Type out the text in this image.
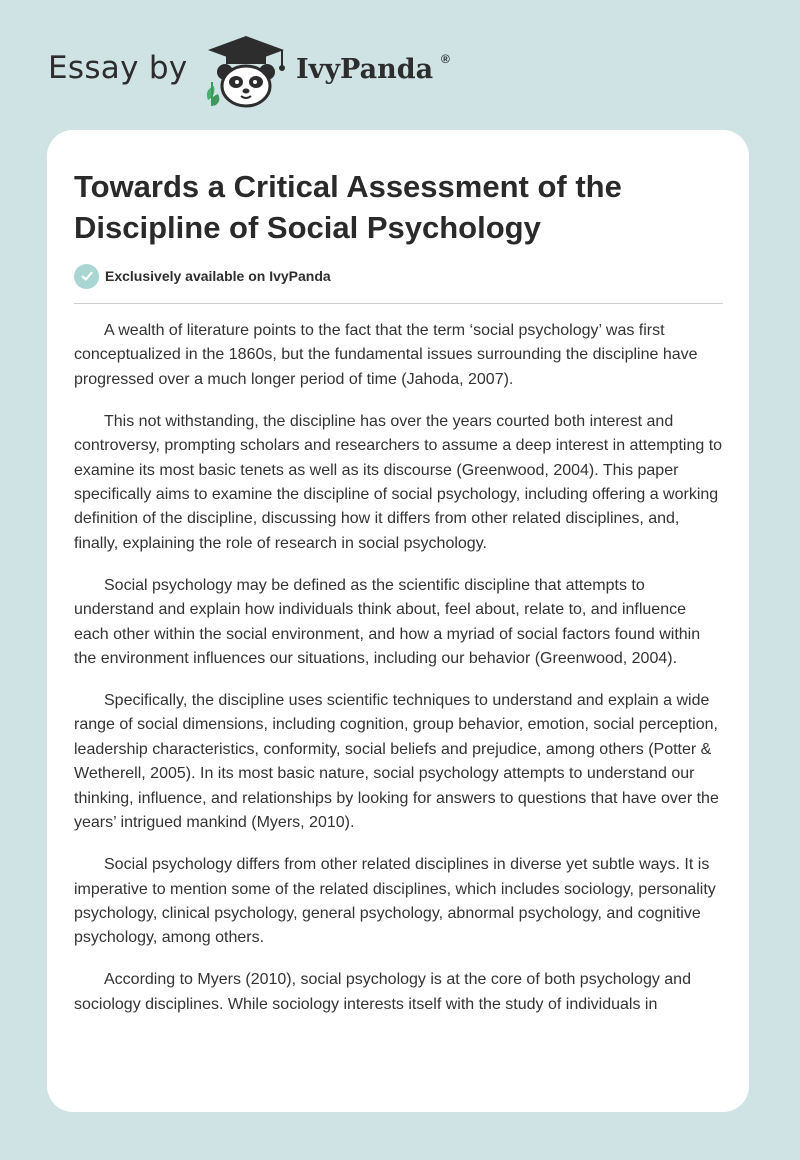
Essay by	IvyPanda ®
Towards a Critical Assessment of the Discipline of Social Psychology
Exclusively available on IvyPanda

A wealth of literature points to the fact that the term ‘social psychology’ was first conceptualized in the 1860s, but the fundamental issues surrounding the discipline have progressed over a much longer period of time (Jahoda, 2007).

This not withstanding, the discipline has over the years courted both interest and controversy, prompting scholars and researchers to assume a deep interest in attempting to examine its most basic tenets as well as its discourse (Greenwood, 2004). This paper specifically aims to examine the discipline of social psychology, including offering a working definition of the discipline, discussing how it differs from other related disciplines, and, finally, explaining the role of research in social psychology.

Social psychology may be defined as the scientific discipline that attempts to understand and explain how individuals think about, feel about, relate to, and influence each other within the social environment, and how a myriad of social factors found within the environment influences our situations, including our behavior (Greenwood, 2004).

Specifically, the discipline uses scientific techniques to understand and explain a wide range of social dimensions, including cognition, group behavior, emotion, social perception, leadership characteristics, conformity, social beliefs and prejudice, among others (Potter & Wetherell, 2005). In its most basic nature, social psychology attempts to understand our thinking, influence, and relationships by looking for answers to questions that have over the years’ intrigued mankind (Myers, 2010).

Social psychology differs from other related disciplines in diverse yet subtle ways. It is imperative to mention some of the related disciplines, which includes sociology, personality psychology, clinical psychology, general psychology, abnormal psychology, and cognitive psychology, among others.

According to Myers (2010), social psychology is at the core of both psychology and sociology disciplines. While sociology interests itself with the study of individuals in
